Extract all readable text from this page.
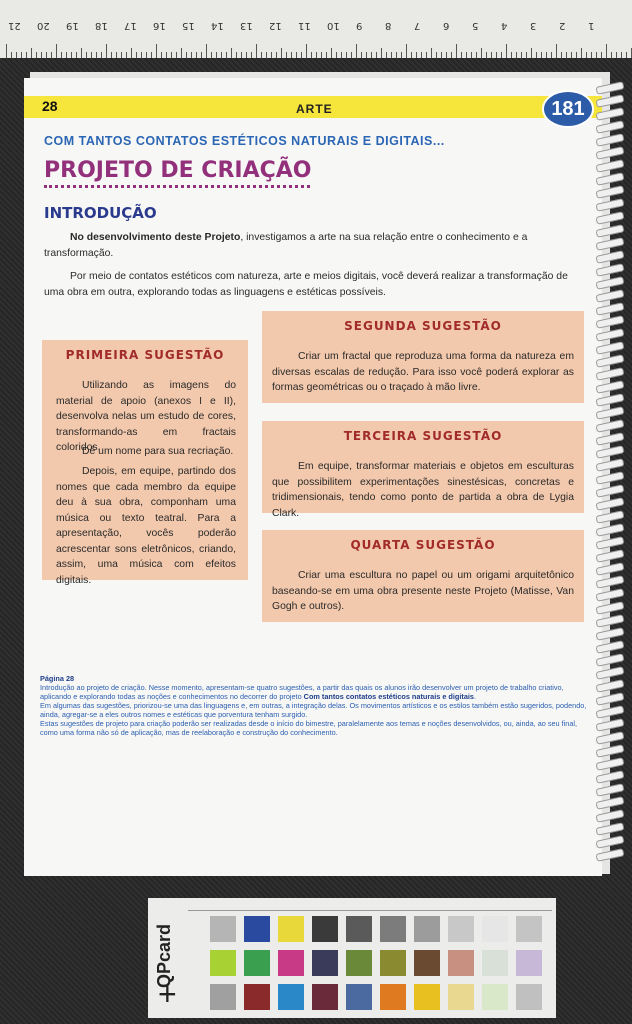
21 20 19 18 17 16 15 14 13 12 11 10 9 8 7 6 5 4 3 2 1
28	ARTE	181
COM TANTOS CONTATOS ESTÉTICOS NATURAIS E DIGITAIS...
PROJETO DE CRIAÇÃO
INTRODUÇÃO

No desenvolvimento deste Projeto, investigamos a arte na sua relação entre o conhecimento e a transformação.

Por meio de contatos estéticos com natureza, arte e meios digitais, você deverá realizar a transformação de uma obra em outra, explorando todas as linguagens e estéticas possíveis.

PRIMEIRA SUGESTÃO

Utilizando as imagens do material de apoio (anexos I e II), desenvolva nelas um estudo de cores, transformando-as em fractais coloridos.

Dê um nome para sua recriação.

Depois, em equipe, partindo dos nomes que cada membro da equipe deu à sua obra, componham uma música ou texto teatral. Para a apresentação, vocês poderão acrescentar sons eletrônicos, criando, assim, uma música com efeitos digitais.

SEGUNDA SUGESTÃO

Criar um fractal que reproduza uma forma da natureza em diversas escalas de redução. Para isso você poderá explorar as formas geométricas ou o traçado à mão livre.

TERCEIRA SUGESTÃO

Em equipe, transformar materiais e objetos em esculturas que possibilitem experimentações sinestésicas, concretas e tridimensionais, tendo como ponto de partida a obra de Lygia Clark.

QUARTA SUGESTÃO

Criar uma escultura no papel ou um origami arquitetônico baseando-se em uma obra presente neste Projeto (Matisse, Van Gogh e outros).

Página 28
Introdução ao projeto de criação. Nesse momento, apresentam-se quatro sugestões, a partir das quais os alunos irão desenvolver um projeto de trabalho criativo, aplicando e explorando todas as noções e conhecimentos no decorrer do projeto Com tantos contatos estéticos naturais e digitais.
Em algumas das sugestões, priorizou-se uma das linguagens e, em outras, a integração delas. Os movimentos artísticos e os estilos também estão sugeridos, podendo, ainda, agregar-se a eles outros nomes e estéticas que porventura tenham surgido.
Estas sugestões de projeto para criação poderão ser realizadas desde o início do bimestre, paralelamente aos temas e noções desenvolvidos, ou, ainda, ao seu final, como uma forma não só de aplicação, mas de reelaboração e construção do conhecimento.
QPcard
+
